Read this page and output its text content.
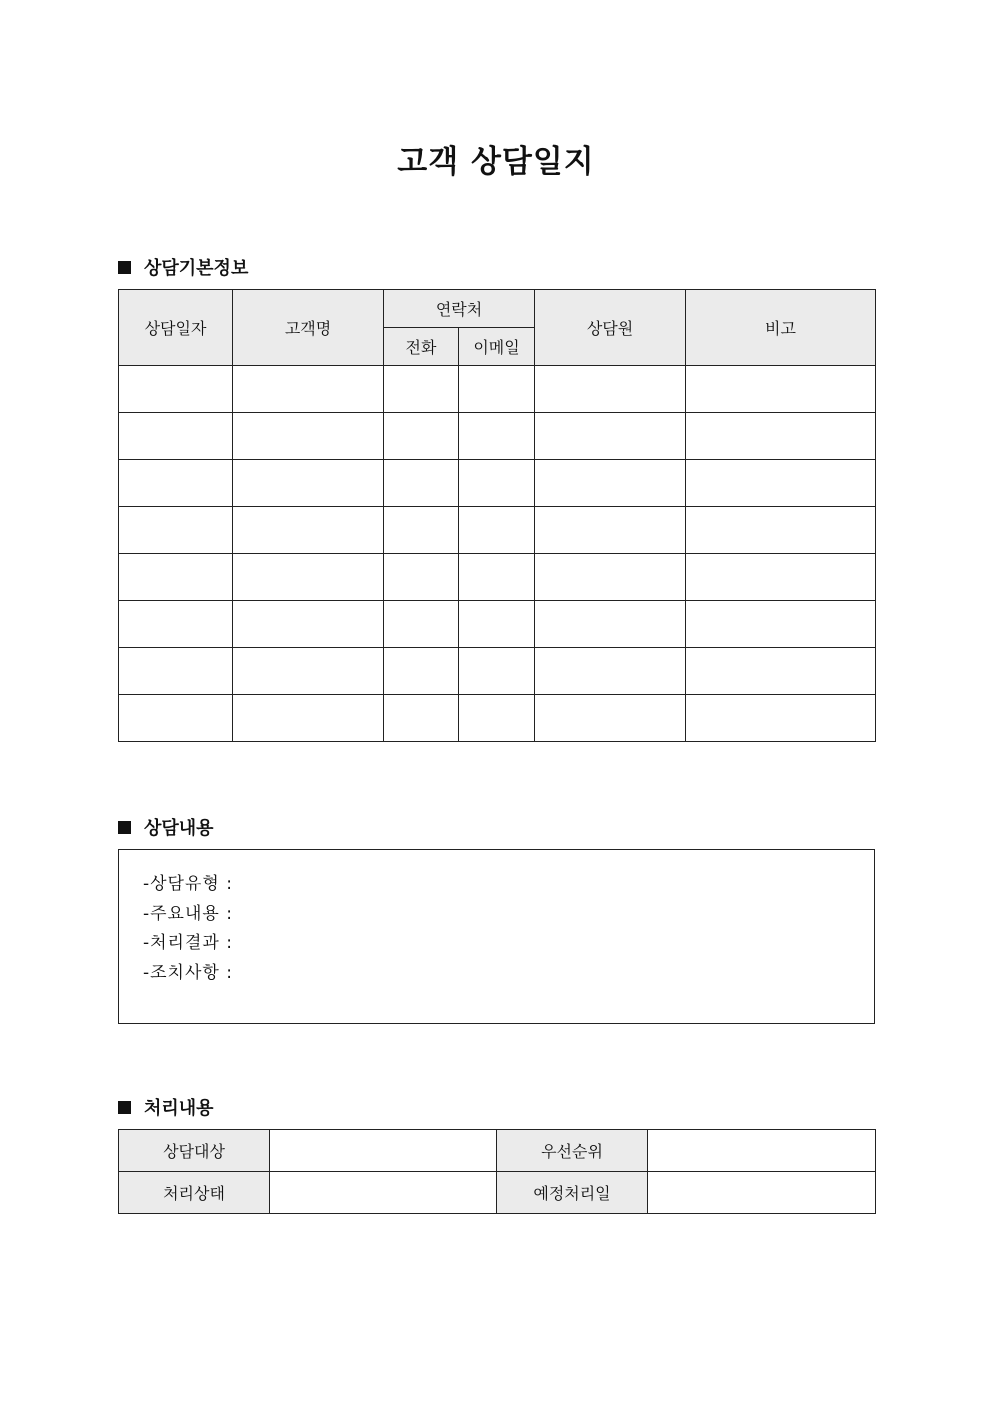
고객 상담일지
상담기본정보
상담일자	고객명	연락처		상담원	비고
		전화	이메일		

상담내용
-상담유형 :
-주요내용 :
-처리결과 :
-조치사항 :
처리내용
상담대상		우선순위	
처리상태		예정처리일	
